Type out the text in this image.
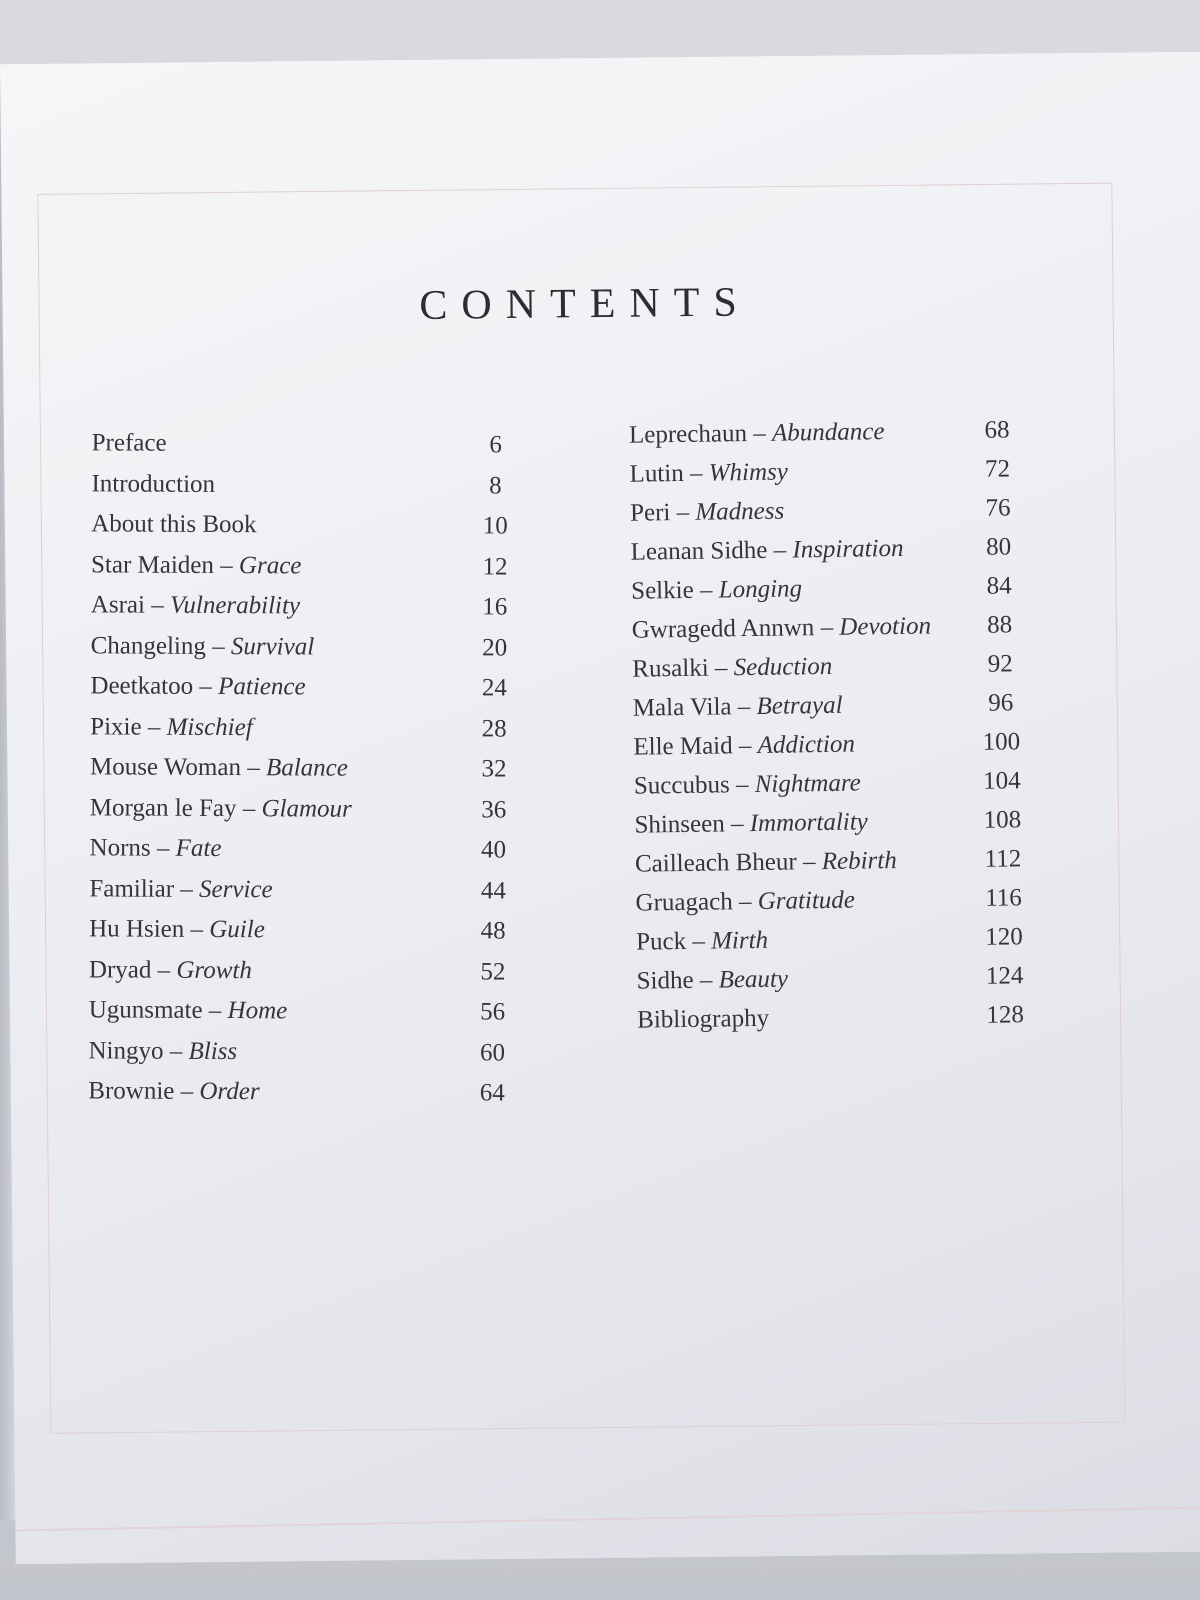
CONTENTS
Preface	6
Introduction	8
About this Book	10
Star Maiden – Grace	12
Asrai – Vulnerability	16
Changeling – Survival	20
Deetkatoo – Patience	24
Pixie – Mischief	28
Mouse Woman – Balance	32
Morgan le Fay – Glamour	36
Norns – Fate	40
Familiar – Service	44
Hu Hsien – Guile	48
Dryad – Growth	52
Ugunsmate – Home	56
Ningyo – Bliss	60
Brownie – Order	64
Leprechaun – Abundance	68
Lutin – Whimsy	72
Peri – Madness	76
Leanan Sidhe – Inspiration	80
Selkie – Longing	84
Gwragedd Annwn – Devotion	88
Rusalki – Seduction	92
Mala Vila – Betrayal	96
Elle Maid – Addiction	100
Succubus – Nightmare	104
Shinseen – Immortality	108
Cailleach Bheur – Rebirth	112
Gruagach – Gratitude	116
Puck – Mirth	120
Sidhe – Beauty	124
Bibliography	128
